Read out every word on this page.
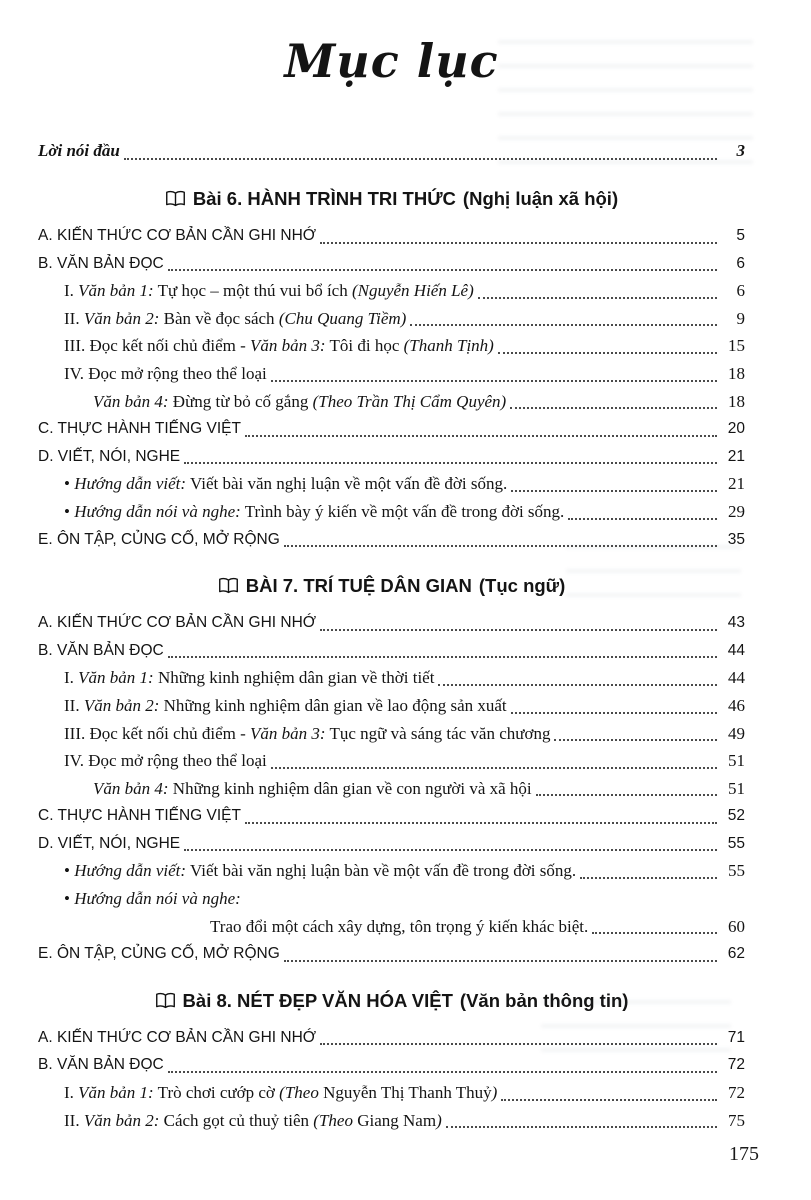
Mục lục
Lời nói đầu	3
Bài 6. HÀNH TRÌNH TRI THỨC (Nghị luận xã hội)
A. KIẾN THỨC CƠ BẢN CẦN GHI NHỚ	5
B. VĂN BẢN ĐỌC	6
I. Văn bản 1: Tự học – một thú vui bổ ích (Nguyễn Hiến Lê)	6
II. Văn bản 2: Bàn về đọc sách (Chu Quang Tiềm)	9
III. Đọc kết nối chủ điểm - Văn bản 3: Tôi đi học (Thanh Tịnh)	15
IV. Đọc mở rộng theo thể loại	18
Văn bản 4: Đừng từ bỏ cố gắng (Theo Trần Thị Cẩm Quyên)	18
C. THỰC HÀNH TIẾNG VIỆT	20
D. VIẾT, NÓI, NGHE	21
• Hướng dẫn viết: Viết bài văn nghị luận về một vấn đề đời sống.	21
• Hướng dẫn nói và nghe: Trình bày ý kiến về một vấn đề trong đời sống.	29
E. ÔN TẬP, CỦNG CỐ, MỞ RỘNG	35
BÀI 7. TRÍ TUỆ DÂN GIAN (Tục ngữ)
A. KIẾN THỨC CƠ BẢN CẦN GHI NHỚ	43
B. VĂN BẢN ĐỌC	44
I. Văn bản 1: Những kinh nghiệm dân gian về thời tiết	44
II. Văn bản 2: Những kinh nghiệm dân gian về lao động sản xuất	46
III. Đọc kết nối chủ điểm - Văn bản 3: Tục ngữ và sáng tác văn chương	49
IV. Đọc mở rộng theo thể loại	51
Văn bản 4: Những kinh nghiệm dân gian về con người và xã hội	51
C. THỰC HÀNH TIẾNG VIỆT	52
D. VIẾT, NÓI, NGHE	55
• Hướng dẫn viết: Viết bài văn nghị luận bàn về một vấn đề trong đời sống.	55
• Hướng dẫn nói và nghe:
Trao đổi một cách xây dựng, tôn trọng ý kiến khác biệt.	60
E. ÔN TẬP, CỦNG CỐ, MỞ RỘNG	62
Bài 8. NÉT ĐẸP VĂN HÓA VIỆT (Văn bản thông tin)
A. KIẾN THỨC CƠ BẢN CẦN GHI NHỚ	71
B. VĂN BẢN ĐỌC	72
I. Văn bản 1: Trò chơi cướp cờ (Theo Nguyễn Thị Thanh Thuỷ)	72
II. Văn bản 2: Cách gọt củ thuỷ tiên (Theo Giang Nam)	75
175
